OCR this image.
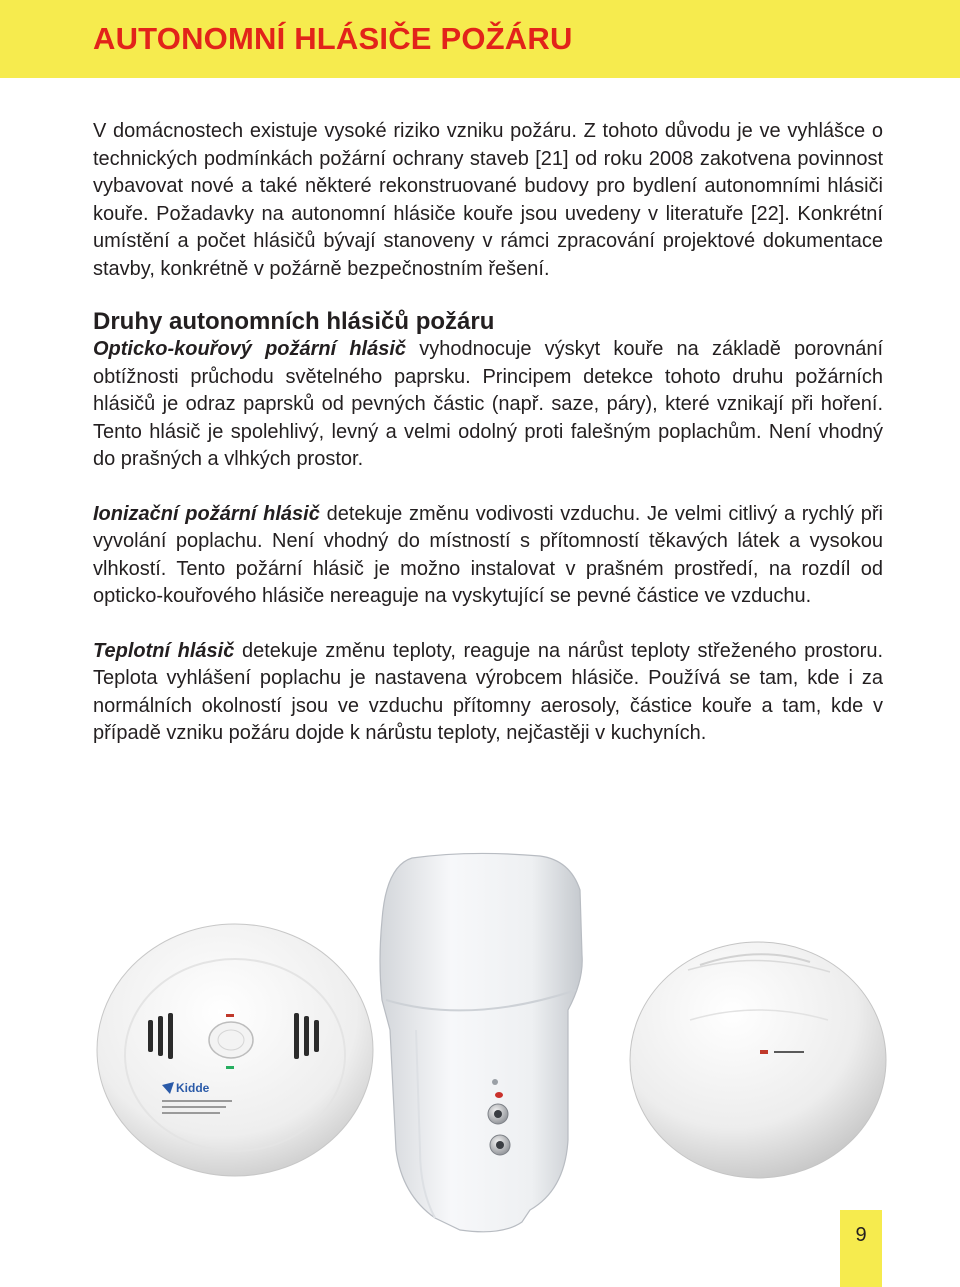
AUTONOMNÍ HLÁSIČE POŽÁRU

V domácnostech existuje vysoké riziko vzniku požáru. Z tohoto důvodu je ve vyhlášce o technických podmínkách požární ochrany staveb [21] od roku 2008 zakotvena povinnost vybavovat nové a také některé rekonstruované budovy pro bydlení autonomními hlásiči kouře. Požadavky na autonomní hlásiče kouře jsou uvedeny v literatuře [22]. Konkrétní umístění a počet hlásičů bývají stanoveny v rámci zpracování projektové dokumentace stavby, konkrétně v požárně bezpečnostním řešení.

Druhy autonomních hlásičů požáru

Opticko-kouřový požární hlásič vyhodnocuje výskyt kouře na základě porovnání obtížnosti průchodu světelného paprsku. Principem detekce tohoto druhu požárních hlásičů je odraz paprsků od pevných částic (např. saze, páry), které vznikají při hoření. Tento hlásič je spolehlivý, levný a velmi odolný proti falešným poplachům. Není vhodný do prašných a vlhkých prostor.

Ionizační požární hlásič detekuje změnu vodivosti vzduchu. Je velmi citlivý a rychlý při vyvolání poplachu. Není vhodný do místností s přítomností těkavých látek a vysokou vlhkostí. Tento požární hlásič je možno instalovat v prašném prostředí, na rozdíl od opticko-kouřového hlásiče nereaguje na vyskytující se pevné částice ve vzduchu.

Teplotní hlásič detekuje změnu teploty, reaguje na nárůst teploty střeženého prostoru. Teplota vyhlášení poplachu je nastavena výrobcem hlásiče. Používá se tam, kde i za normálních okolností jsou ve vzduchu přítomny aerosoly, částice kouře a tam, kde v případě vzniku požáru dojde k nárůstu teploty, nejčastěji v kuchyních.

Kidde
9
